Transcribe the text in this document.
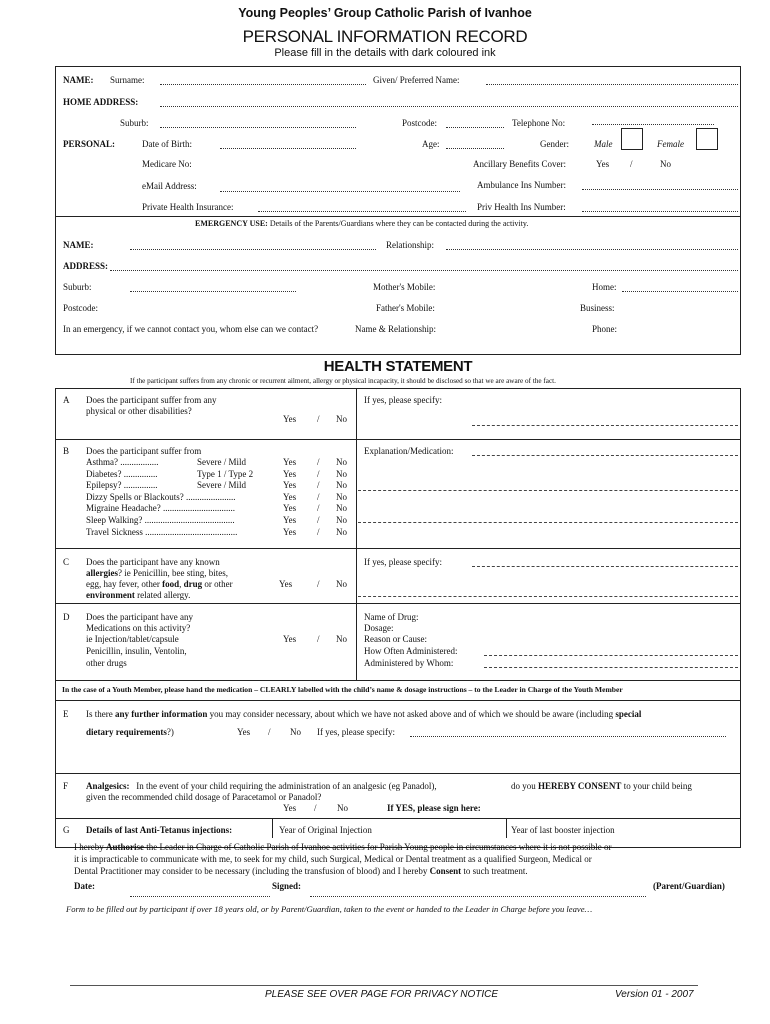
Young Peoples’ Group Catholic Parish of Ivanhoe
PERSONAL INFORMATION RECORD
Please fill in the details with dark coloured ink
NAME: Surname:	Given/ Preferred Name:
HOME ADDRESS:
Suburb:	Postcode:	Telephone No:
PERSONAL:	Date of Birth:	Age:	Gender:	Male	Female
Medicare No:	Ancillary Benefits Cover:	Yes /	No
eMail Address:	Ambulance Ins Number:
Private Health Insurance:	Priv Health Ins Number:
EMERGENCY USE: Details of the Parents/Guardians where they can be contacted during the activity.
NAME:	Relationship:
ADDRESS:
Suburb:	Mother's Mobile:	Home:
Postcode:	Father's Mobile:	Business:
In an emergency, if we cannot contact you, whom else can we contact?	Name & Relationship:	Phone:
HEALTH STATEMENT
If the participant suffers from any chronic or recurrent ailment, allergy or physical incapacity, it should be disclosed so that we are aware of the fact.
A Does the participant suffer from any
physical or other disabilities?
Yes / No
If yes, please specify:
B Does the participant suffer from
Asthma? .................	Severe / Mild	Yes / No
Diabetes? ...............	Type 1 / Type 2	Yes / No
Epilepsy? ...............	Severe / Mild	Yes / No
Dizzy Spells or Blackouts? ......................	Yes / No
Migraine Headache? ................................	Yes / No
Sleep Walking? ........................................	Yes / No
Travel Sickness .........................................	Yes / No
Explanation/Medication:
C Does the participant have any known
allergies? ie Penicillin, bee sting, bites,
egg, hay fever, other food, drug or other
environment related allergy.
Yes	/ No
If yes, please specify:
D Does the participant have any
Medications on this activity?
ie Injection/tablet/capsule
Penicillin, insulin, Ventolin,
other drugs
Yes / No
Name of Drug:
Dosage:
Reason or Cause:
How Often Administered:
Administered by Whom:
In the case of a Youth Member, please hand the medication – CLEARLY labelled with the child’s name & dosage instructions – to the Leader in Charge of the Youth Member
E Is there any further information you may consider necessary, about which we have not asked above and of which we should be aware (including special
dietary requirements?)	Yes / No If yes, please specify:
F Analgesics: In the event of your child requiring the administration of an analgesic (eg Panadol),	do you HEREBY CONSENT to your child being
given the recommended child dosage of Paracetamol or Panadol?
Yes / No	If YES, please sign here:
G Details of last Anti-Tetanus injections:	Year of Original Injection	Year of last booster injection
I hereby Authorise the Leader in Charge of Catholic Parish of Ivanhoe activities for Parish Young people in circumstances where it is not possible or
it is impracticable to communicate with me, to seek for my child, such Surgical, Medical or Dental treatment as a qualified Surgeon, Medical or
Dental Practitioner may consider to be necessary (including the transfusion of blood) and I hereby Consent to such treatment.
Date:	Signed:	(Parent/Guardian)
Form to be filled out by participant if over 18 years old, or by Parent/Guardian, taken to the event or handed to the Leader in Charge before you leave…
PLEASE SEE OVER PAGE FOR PRIVACY NOTICE	Version 01 - 2007
